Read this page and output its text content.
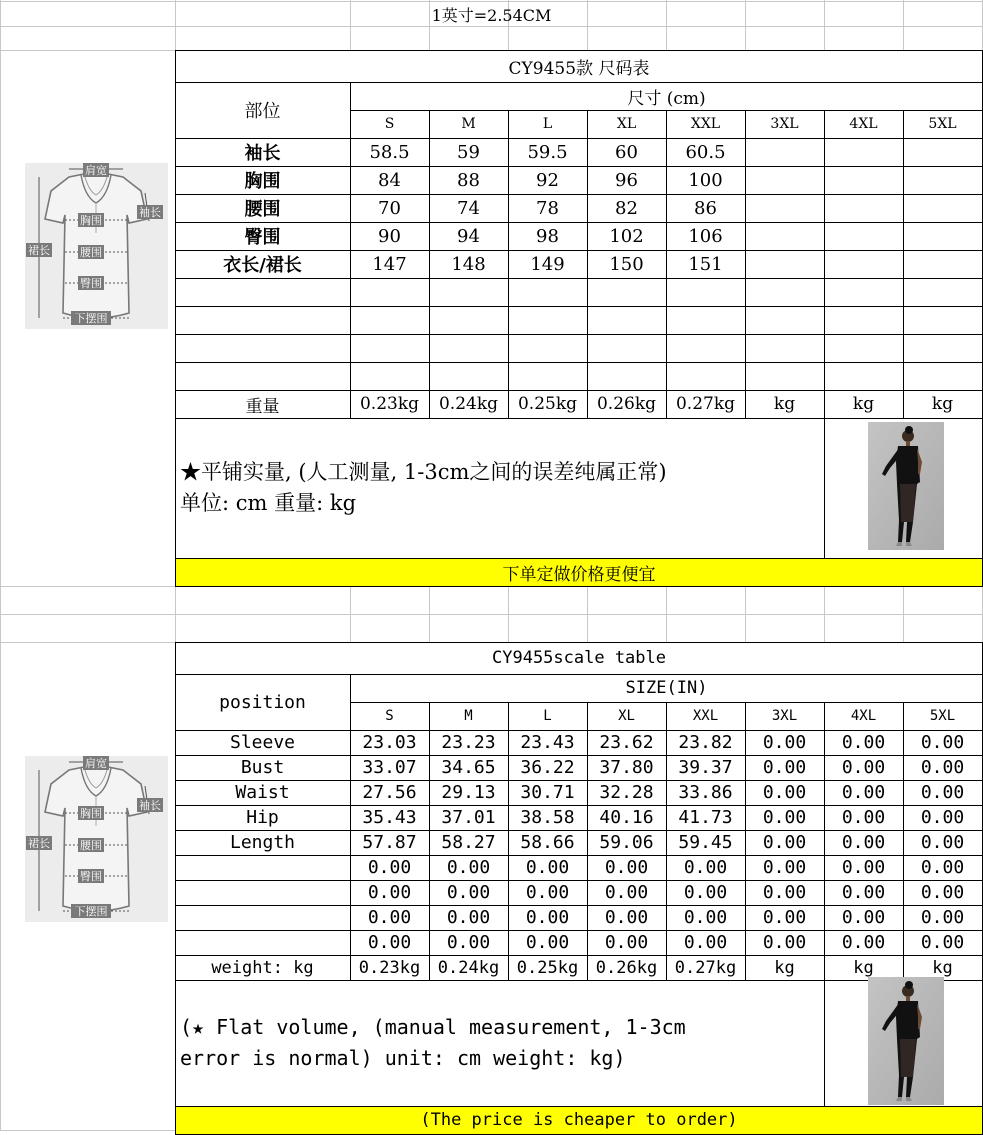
1英寸=2.54CM
CY9455款 尺码表
部位
尺寸 (cm)
S	M	L	XL	XXL	3XL	4XL	5XL
袖长	58.5	59	59.5	60	60.5
胸围	84	88	92	96	100
腰围	70	74	78	82	86
臀围	90	94	98	102	106
衣长/裙长	147	148	149	150	151
重量	0.23kg	0.24kg	0.25kg	0.26kg	0.27kg	kg	kg	kg
★平铺实量, (人工测量, 1-3cm之间的误差纯属正常)
单位: cm 重量: kg
下单定做价格更便宜
CY9455scale table
position
SIZE(IN)
S	M	L	XL	XXL	3XL	4XL	5XL
Sleeve	23.03	23.23	23.43	23.62	23.82	0.00	0.00	0.00
Bust	33.07	34.65	36.22	37.80	39.37	0.00	0.00	0.00
Waist	27.56	29.13	30.71	32.28	33.86	0.00	0.00	0.00
Hip	35.43	37.01	38.58	40.16	41.73	0.00	0.00	0.00
Length	57.87	58.27	58.66	59.06	59.45	0.00	0.00	0.00
0.00	0.00	0.00	0.00	0.00	0.00	0.00	0.00
0.00	0.00	0.00	0.00	0.00	0.00	0.00	0.00
0.00	0.00	0.00	0.00	0.00	0.00	0.00	0.00
0.00	0.00	0.00	0.00	0.00	0.00	0.00	0.00
weight: kg	0.23kg	0.24kg	0.25kg	0.26kg	0.27kg	kg	kg	kg
(★ Flat volume, (manual measurement, 1-3cm
error is normal) unit: cm weight: kg)
(The price is cheaper to order)
肩宽
袖长
胸围
腰围
臀围
裙长
下摆围
肩宽
袖长
胸围
腰围
臀围
裙长
下摆围
